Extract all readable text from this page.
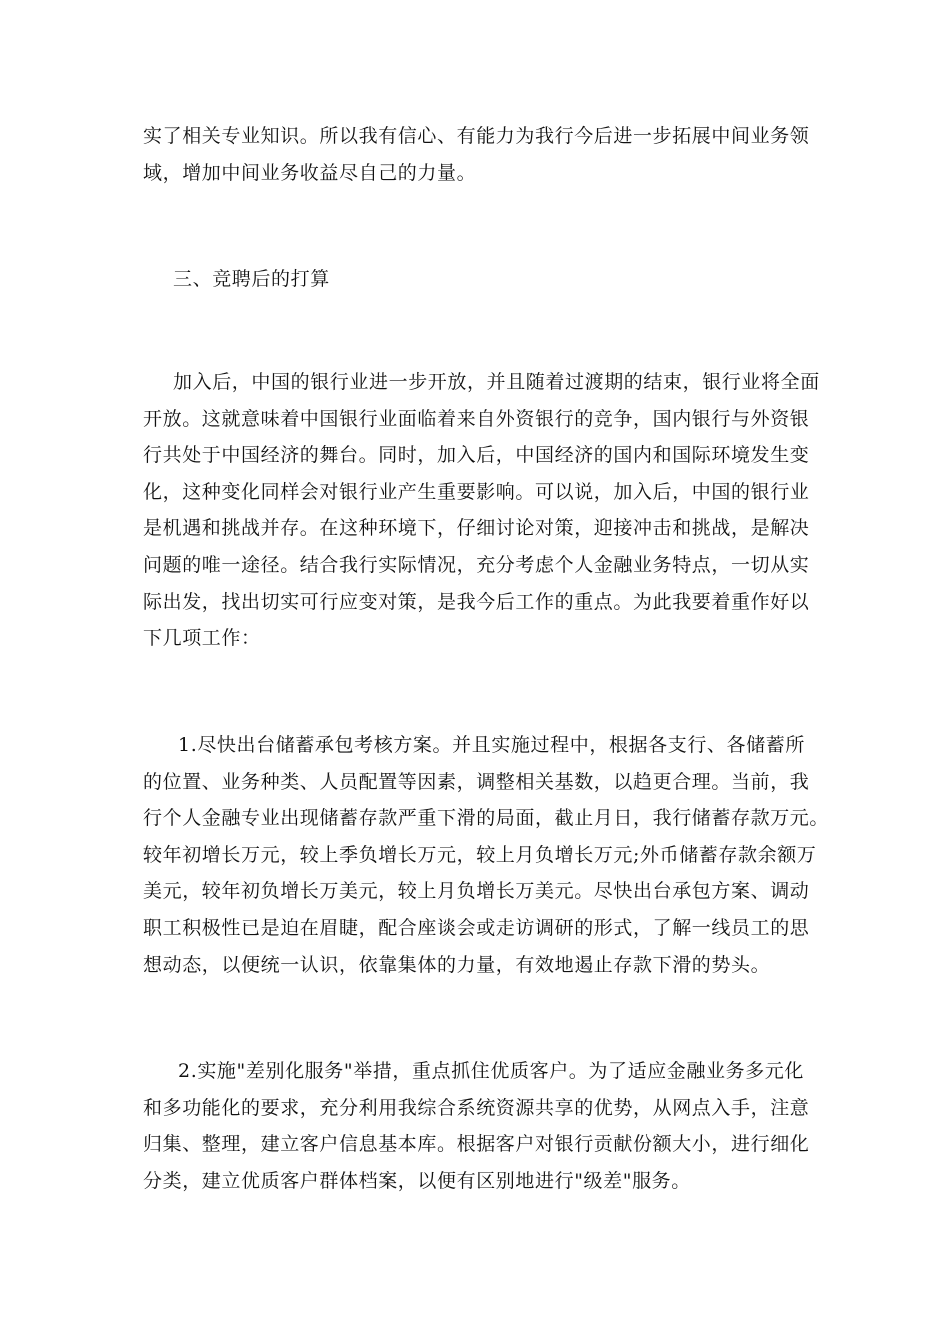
实了相关专业知识。所以我有信心、有能力为我行今后进一步拓展中间业务领
域，增加中间业务收益尽自己的力量。
三、竞聘后的打算
加入后，中国的银行业进一步开放，并且随着过渡期的结束，银行业将全面
开放。这就意味着中国银行业面临着来自外资银行的竞争，国内银行与外资银
行共处于中国经济的舞台。同时，加入后，中国经济的国内和国际环境发生变
化，这种变化同样会对银行业产生重要影响。可以说，加入后，中国的银行业
是机遇和挑战并存。在这种环境下，仔细讨论对策，迎接冲击和挑战，是解决
问题的唯一途径。结合我行实际情况，充分考虑个人金融业务特点，一切从实
际出发，找出切实可行应变对策，是我今后工作的重点。为此我要着重作好以
下几项工作：
1.尽快出台储蓄承包考核方案。并且实施过程中，根据各支行、各储蓄所
的位置、业务种类、人员配置等因素，调整相关基数，以趋更合理。当前，我
行个人金融专业出现储蓄存款严重下滑的局面，截止月日，我行储蓄存款万元。
较年初增长万元，较上季负增长万元，较上月负增长万元;外币储蓄存款余额万
美元，较年初负增长万美元，较上月负增长万美元。尽快出台承包方案、调动
职工积极性已是迫在眉睫，配合座谈会或走访调研的形式，了解一线员工的思
想动态，以便统一认识，依靠集体的力量，有效地遏止存款下滑的势头。
2.实施"差别化服务"举措，重点抓住优质客户。为了适应金融业务多元化
和多功能化的要求，充分利用我综合系统资源共享的优势，从网点入手，注意
归集、整理，建立客户信息基本库。根据客户对银行贡献份额大小，进行细化
分类，建立优质客户群体档案，以便有区别地进行"级差"服务。
